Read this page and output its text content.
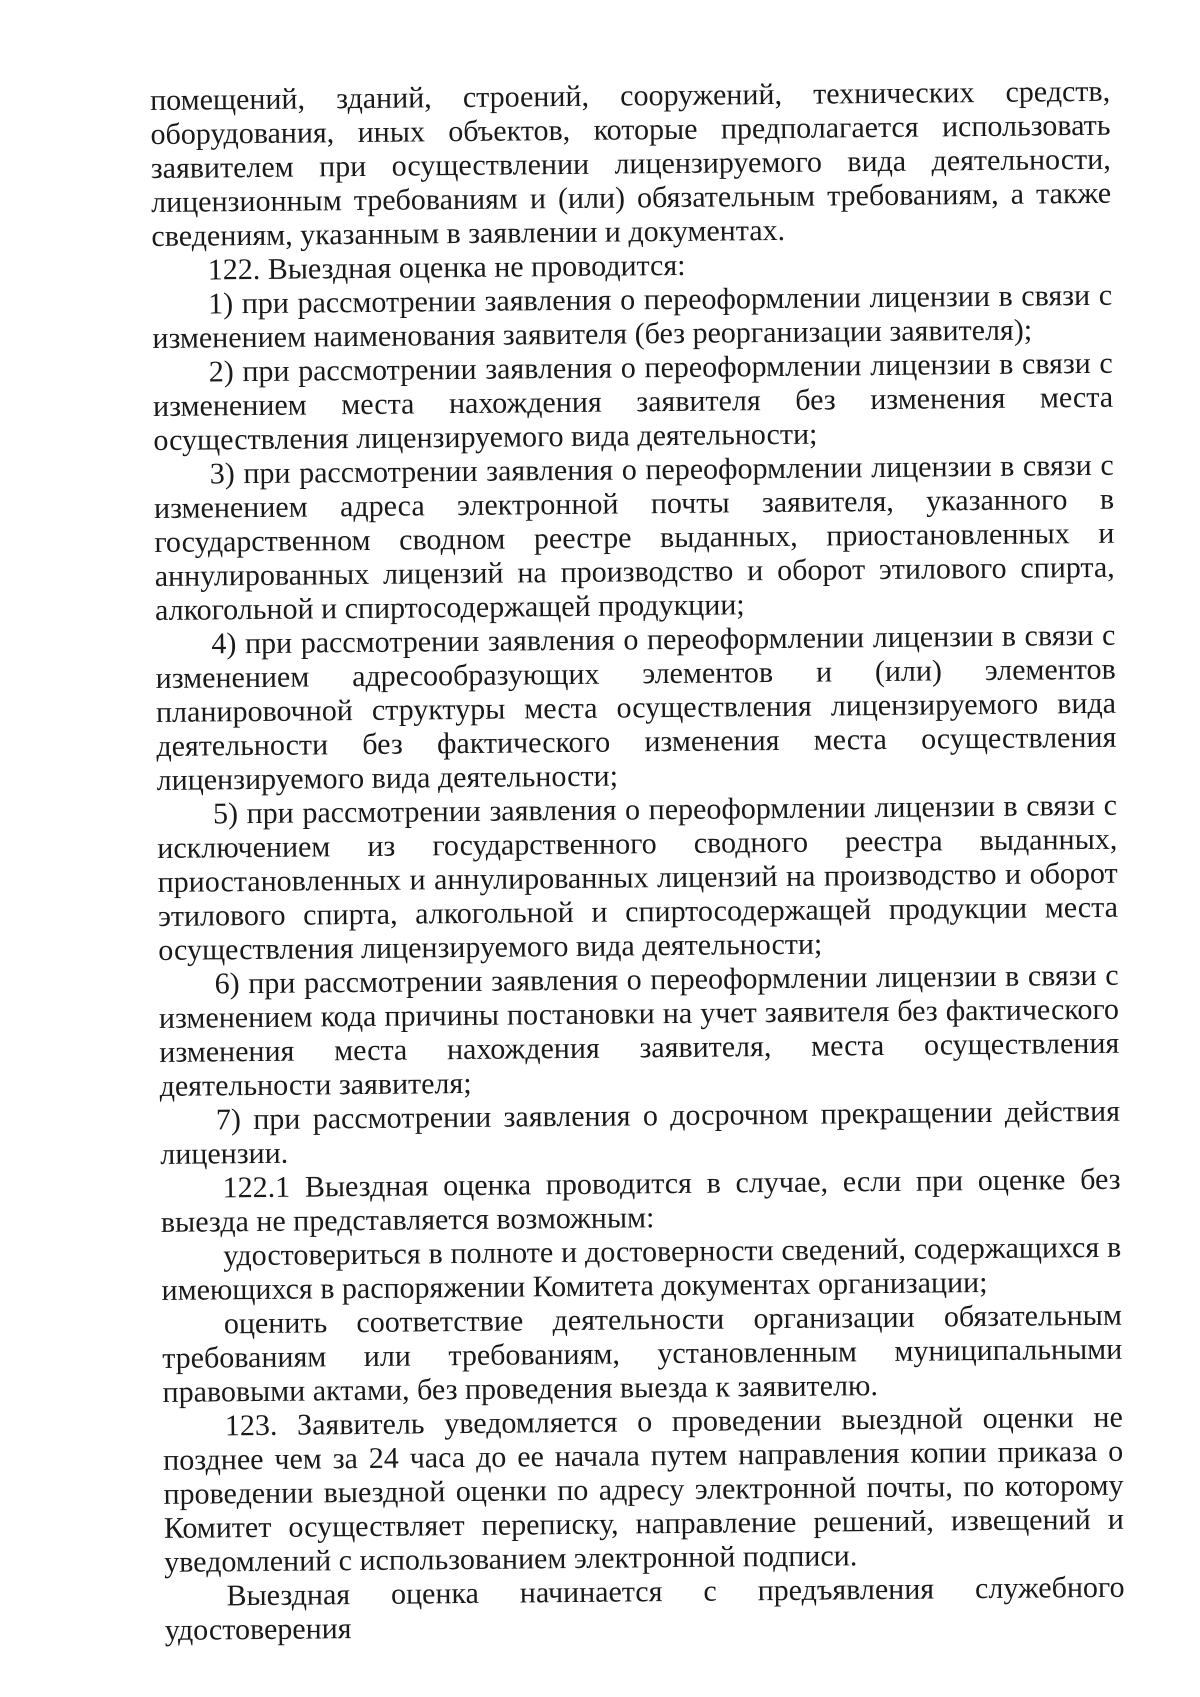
помещений, зданий, строений, сооружений, технических средств, оборудования, иных объектов, которые предполагается использовать заявителем при осуществлении лицензируемого вида деятельности, лицензионным требованиям и (или) обязательным требованиям, а также сведениям, указанным в заявлении и документах.

122. Выездная оценка не проводится:

1) при рассмотрении заявления о переоформлении лицензии в связи с изменением наименования заявителя (без реорганизации заявителя);

2) при рассмотрении заявления о переоформлении лицензии в связи с изменением места нахождения заявителя без изменения места осуществления лицензируемого вида деятельности;

3) при рассмотрении заявления о переоформлении лицензии в связи с изменением адреса электронной почты заявителя, указанного в государственном сводном реестре выданных, приостановленных и аннулированных лицензий на производство и оборот этилового спирта, алкогольной и спиртосодержащей продукции;

4) при рассмотрении заявления о переоформлении лицензии в связи с изменением адресообразующих элементов и (или) элементов планировочной структуры места осуществления лицензируемого вида деятельности без фактического изменения места осуществления лицензируемого вида деятельности;

5) при рассмотрении заявления о переоформлении лицензии в связи с исключением из государственного сводного реестра выданных, приостановленных и аннулированных лицензий на производство и оборот этилового спирта, алкогольной и спиртосодержащей продукции места осуществления лицензируемого вида деятельности;

6) при рассмотрении заявления о переоформлении лицензии в связи с изменением кода причины постановки на учет заявителя без фактического изменения места нахождения заявителя, места осуществления деятельности заявителя;

7) при рассмотрении заявления о досрочном прекращении действия лицензии.

122.1 Выездная оценка проводится в случае, если при оценке без выезда не представляется возможным:

удостовериться в полноте и достоверности сведений, содержащихся в имеющихся в распоряжении Комитета документах организации;

оценить соответствие деятельности организации обязательным требованиям или требованиям, установленным муниципальными правовыми актами, без проведения выезда к заявителю.

123. Заявитель уведомляется о проведении выездной оценки не позднее чем за 24 часа до ее начала путем направления копии приказа о проведении выездной оценки по адресу электронной почты, по которому Комитет осуществляет переписку, направление решений, извещений и уведомлений с использованием электронной подписи.

Выездная оценка начинается с предъявления служебного удостоверения
